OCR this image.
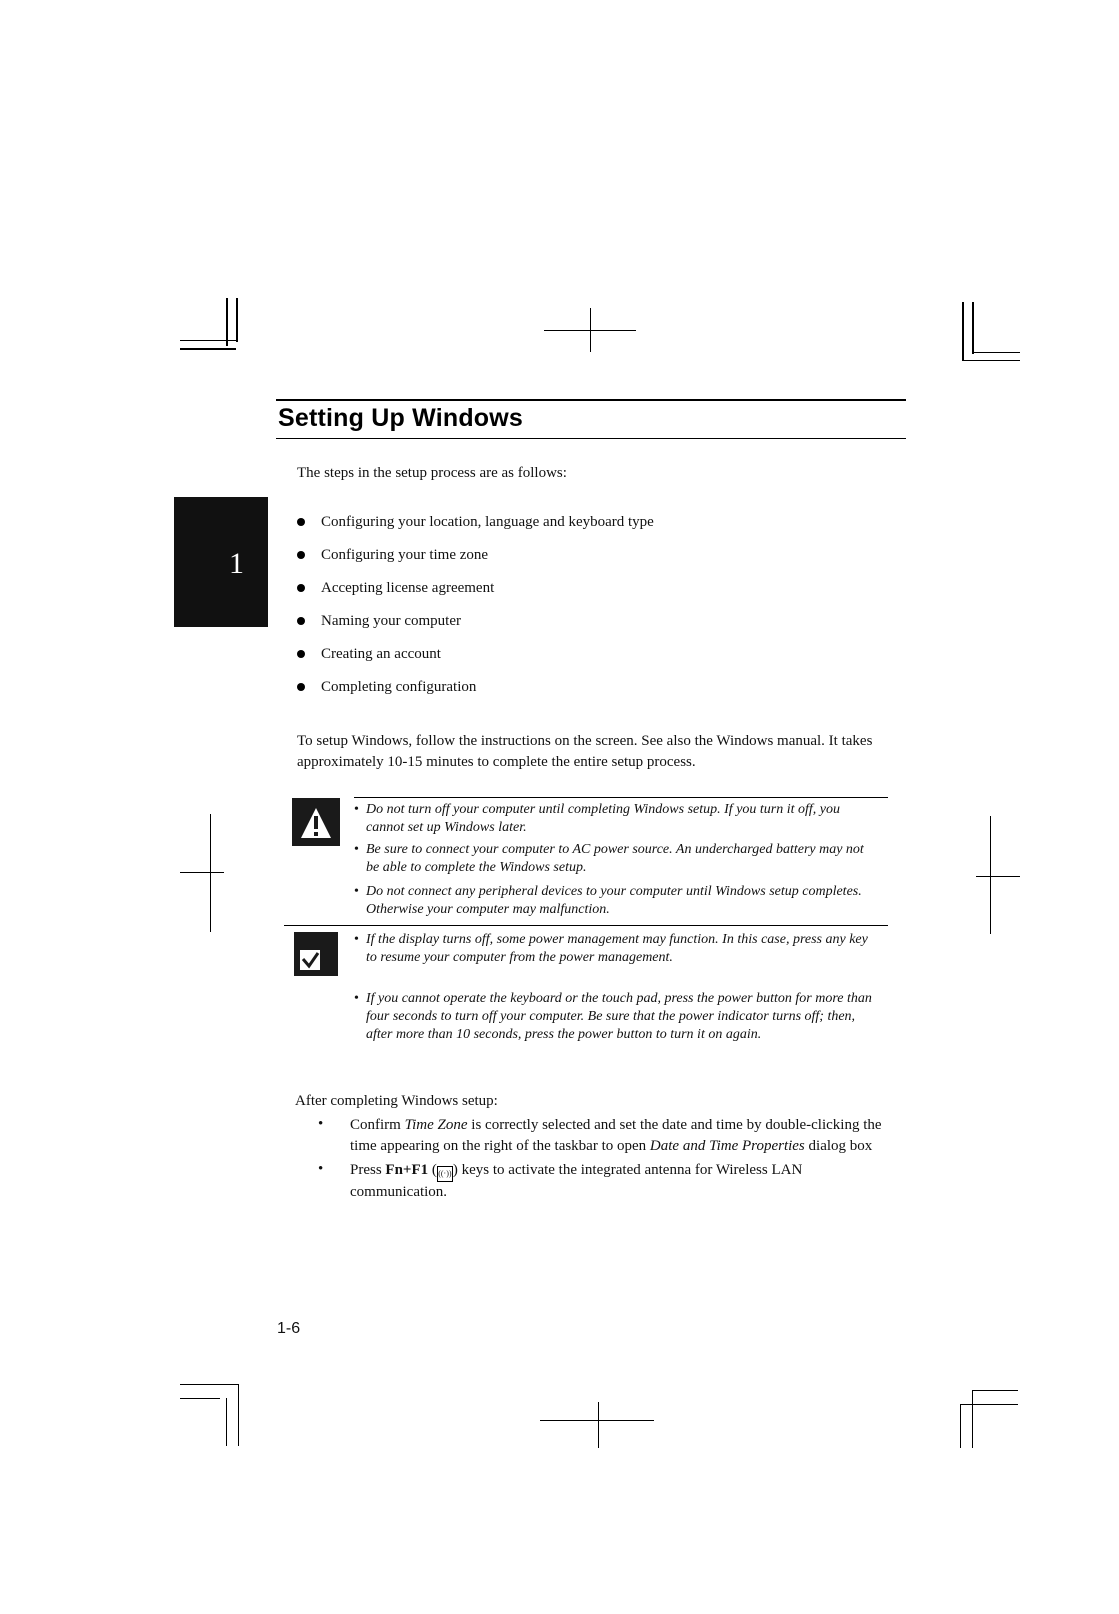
Setting Up Windows
1
The steps in the setup process are as follows:
Configuring your location, language and keyboard type
Configuring your time zone
Accepting license agreement
Naming your computer
Creating an account
Completing configuration
To setup Windows, follow the instructions on the screen. See also the Windows manual. It takes approximately 10-15 minutes to complete the entire setup process.
• Do not turn off your computer until completing Windows setup. If you turn it off, you cannot set up Windows later.
• Be sure to connect your computer to AC power source. An undercharged battery may not be able to complete the Windows setup.
• Do not connect any peripheral devices to your computer until Windows setup completes. Otherwise your computer may malfunction.
• If the display turns off, some power management may function. In this case, press any key to resume your computer from the power management.
• If you cannot operate the keyboard or the touch pad, press the power button for more than four seconds to turn off your computer. Be sure that the power indicator turns off; then, after more than 10 seconds, press the power button to turn it on again.
After completing Windows setup:
• Confirm Time Zone is correctly selected and set the date and time by double-clicking the time appearing on the right of the taskbar to open Date and Time Properties dialog box
• Press Fn+F1 (((·))) keys to activate the integrated antenna for Wireless LAN communication.
1-6
